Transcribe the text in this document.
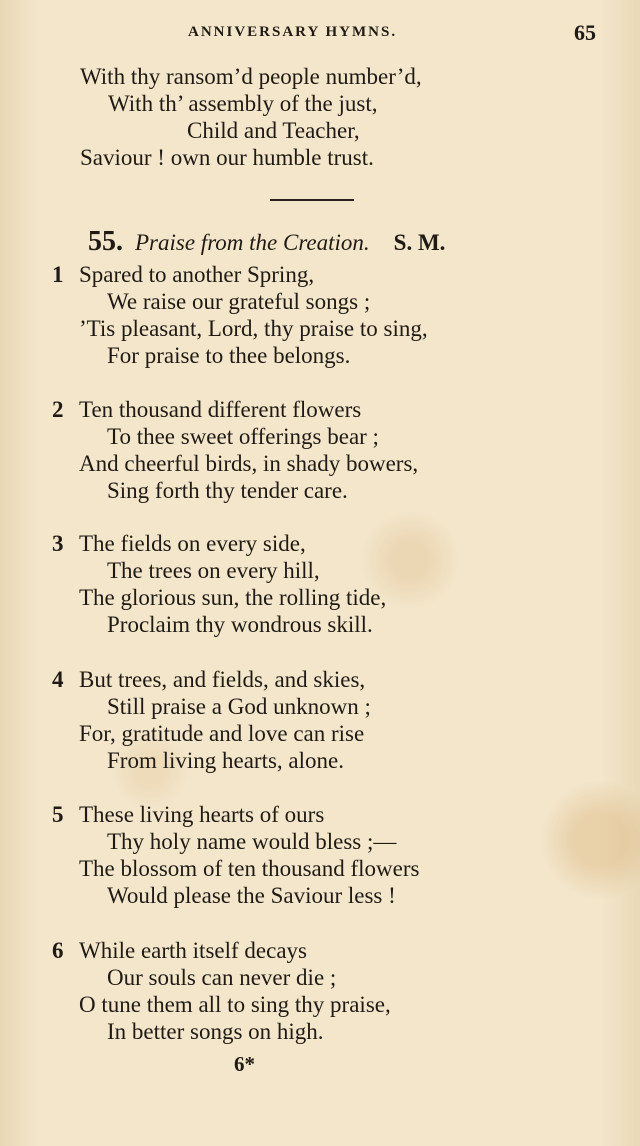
ANNIVERSARY HYMNS.	65
With thy ransom’d people number’d,
With th’ assembly of the just,
Child and Teacher,
Saviour ! own our humble trust.
55. Praise from the Creation. S. M.
1 Spared to another Spring,
We raise our grateful songs ;
’Tis pleasant, Lord, thy praise to sing,
For praise to thee belongs.
2 Ten thousand different flowers
To thee sweet offerings bear ;
And cheerful birds, in shady bowers,
Sing forth thy tender care.
3 The fields on every side,
The trees on every hill,
The glorious sun, the rolling tide,
Proclaim thy wondrous skill.
4 But trees, and fields, and skies,
Still praise a God unknown ;
For, gratitude and love can rise
From living hearts, alone.
5 These living hearts of ours
Thy holy name would bless ;—
The blossom of ten thousand flowers
Would please the Saviour less !
6 While earth itself decays
Our souls can never die ;
O tune them all to sing thy praise,
In better songs on high.
6*
